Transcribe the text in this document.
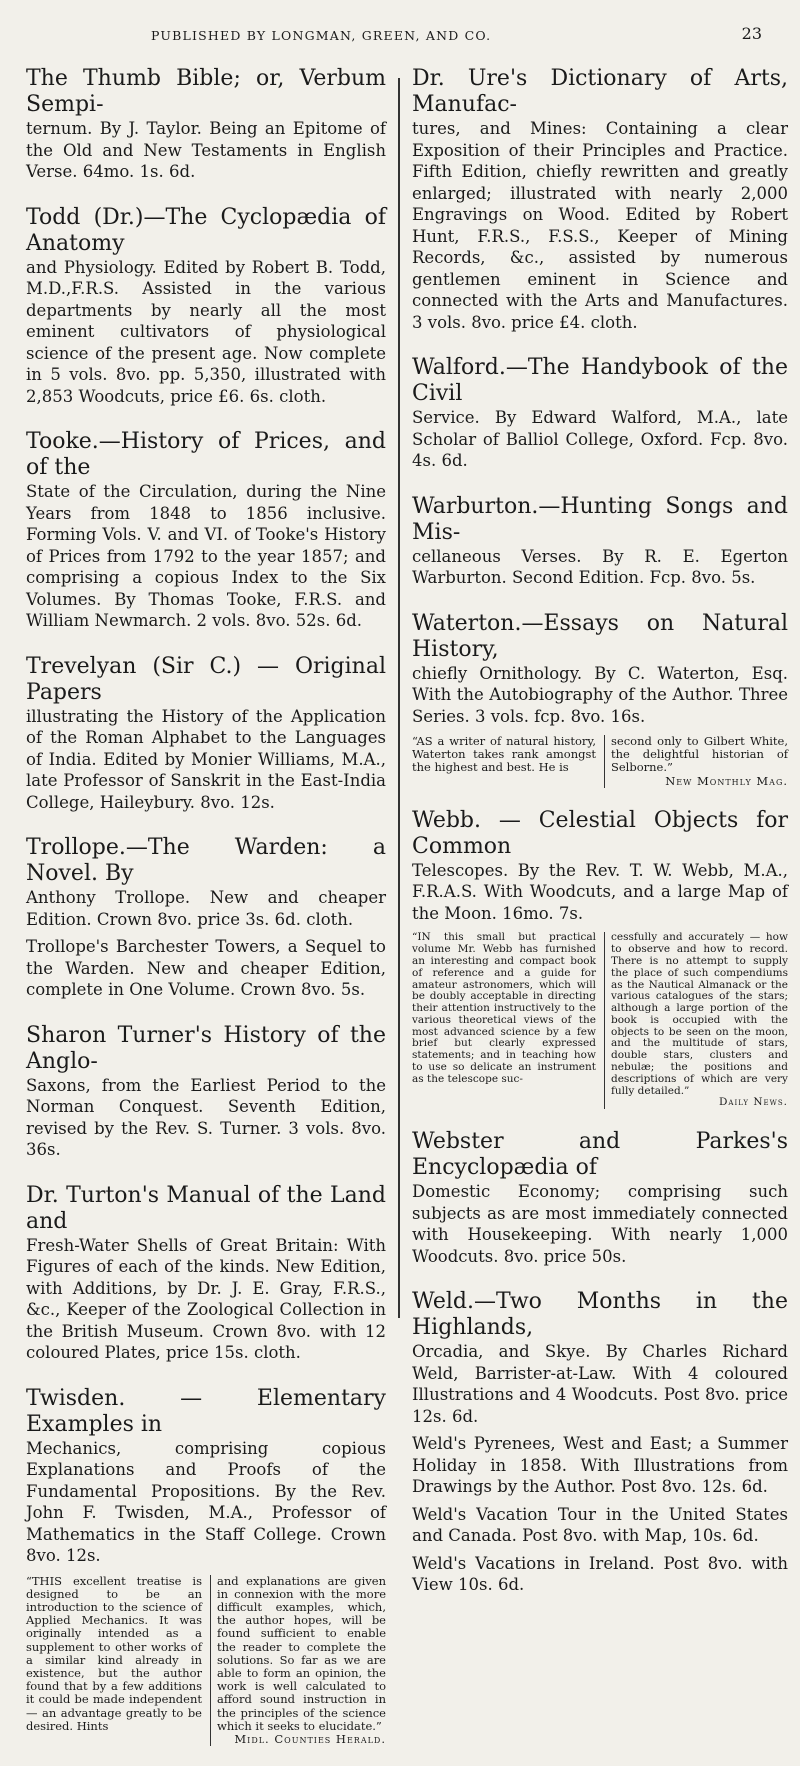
PUBLISHED BY LONGMAN, GREEN, AND CO.	23
The Thumb Bible; or, Verbum Sempi-
ternum. By J. Taylor. Being an Epitome of the Old and New Testaments in English Verse. 64mo. 1s. 6d.
Todd (Dr.)—The Cyclopædia of Anatomy
and Physiology. Edited by Robert B. Todd, M.D.,F.R.S. Assisted in the various departments by nearly all the most eminent cultivators of physiological science of the present age. Now complete in 5 vols. 8vo. pp. 5,350, illustrated with 2,853 Woodcuts, price £6. 6s. cloth.
Tooke.—History of Prices, and of the
State of the Circulation, during the Nine Years from 1848 to 1856 inclusive. Forming Vols. V. and VI. of Tooke's History of Prices from 1792 to the year 1857; and comprising a copious Index to the Six Volumes. By Thomas Tooke, F.R.S. and William Newmarch. 2 vols. 8vo. 52s. 6d.
Trevelyan (Sir C.) — Original Papers
illustrating the History of the Application of the Roman Alphabet to the Languages of India. Edited by Monier Williams, M.A., late Professor of Sanskrit in the East-India College, Haileybury. 8vo. 12s.
Trollope.—The Warden: a Novel. By
Anthony Trollope. New and cheaper Edition. Crown 8vo. price 3s. 6d. cloth.
Trollope's Barchester Towers, a Sequel to the Warden. New and cheaper Edition, complete in One Volume. Crown 8vo. 5s.
Sharon Turner's History of the Anglo-
Saxons, from the Earliest Period to the Norman Conquest. Seventh Edition, revised by the Rev. S. Turner. 3 vols. 8vo. 36s.
Dr. Turton's Manual of the Land and
Fresh-Water Shells of Great Britain: With Figures of each of the kinds. New Edition, with Additions, by Dr. J. E. Gray, F.R.S., &c., Keeper of the Zoological Collection in the British Museum. Crown 8vo. with 12 coloured Plates, price 15s. cloth.
Twisden. — Elementary Examples in
Mechanics, comprising copious Explanations and Proofs of the Fundamental Propositions. By the Rev. John F. Twisden, M.A., Professor of Mathematics in the Staff College. Crown 8vo. 12s.
“THIS excellent treatise is designed to be an introduction to the science of Applied Mechanics. It was originally intended as a supplement to other works of a similar kind already in existence, but the author found that by a few additions it could be made independent — an advantage greatly to be desired. Hints
and explanations are given in connexion with the more difficult examples, which, the author hopes, will be found sufficient to enable the reader to complete the solutions. So far as we are able to form an opinion, the work is well calculated to afford sound instruction in the principles of the science which it seeks to elucidate.”
Midl. Counties Herald.
Dr. Ure's Dictionary of Arts, Manufac-
tures, and Mines: Containing a clear Exposition of their Principles and Practice. Fifth Edition, chiefly rewritten and greatly enlarged; illustrated with nearly 2,000 Engravings on Wood. Edited by Robert Hunt, F.R.S., F.S.S., Keeper of Mining Records, &c., assisted by numerous gentlemen eminent in Science and connected with the Arts and Manufactures. 3 vols. 8vo. price £4. cloth.
Walford.—The Handybook of the Civil
Service. By Edward Walford, M.A., late Scholar of Balliol College, Oxford. Fcp. 8vo. 4s. 6d.
Warburton.—Hunting Songs and Mis-
cellaneous Verses. By R. E. Egerton Warburton. Second Edition. Fcp. 8vo. 5s.
Waterton.—Essays on Natural History,
chiefly Ornithology. By C. Waterton, Esq. With the Autobiography of the Author. Three Series. 3 vols. fcp. 8vo. 16s.
“AS a writer of natural history, Waterton takes rank amongst the highest and best. He is
second only to Gilbert White, the delightful historian of Selborne.”
New Monthly Mag.
Webb. — Celestial Objects for Common
Telescopes. By the Rev. T. W. Webb, M.A., F.R.A.S. With Woodcuts, and a large Map of the Moon. 16mo. 7s.
“IN this small but practical volume Mr. Webb has furnished an interesting and compact book of reference and a guide for amateur astronomers, which will be doubly acceptable in directing their attention instructively to the various theoretical views of the most advanced science by a few brief but clearly expressed statements; and in teaching how to use so delicate an instrument as the telescope suc-
cessfully and accurately — how to observe and how to record. There is no attempt to supply the place of such compendiums as the Nautical Almanack or the various catalogues of the stars; although a large portion of the book is occupied with the objects to be seen on the moon, and the multitude of stars, double stars, clusters and nebulæ; the positions and descriptions of which are very fully detailed.”
Daily News.
Webster and Parkes's Encyclopædia of
Domestic Economy; comprising such subjects as are most immediately connected with Housekeeping. With nearly 1,000 Woodcuts. 8vo. price 50s.
Weld.—Two Months in the Highlands,
Orcadia, and Skye. By Charles Richard Weld, Barrister-at-Law. With 4 coloured Illustrations and 4 Woodcuts. Post 8vo. price 12s. 6d.
Weld's Pyrenees, West and East; a Summer Holiday in 1858. With Illustrations from Drawings by the Author. Post 8vo. 12s. 6d.
Weld's Vacation Tour in the United States and Canada. Post 8vo. with Map, 10s. 6d.
Weld's Vacations in Ireland. Post 8vo. with View 10s. 6d.
